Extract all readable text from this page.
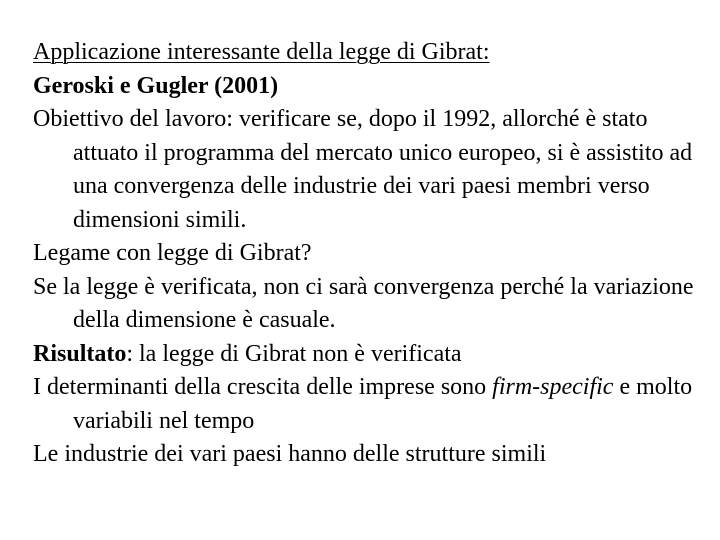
Applicazione interessante della legge di Gibrat:

Geroski e Gugler (2001)

Obiettivo del lavoro: verificare se, dopo il 1992, allorché è stato attuato il programma del mercato unico europeo, si è assistito ad una convergenza delle industrie dei vari paesi membri verso dimensioni simili.

Legame con legge di Gibrat?

Se la legge è verificata, non ci sarà convergenza perché la variazione della dimensione è casuale.

Risultato: la legge di Gibrat non è verificata

I determinanti della crescita delle imprese sono firm-specific e molto variabili nel tempo

Le industrie dei vari paesi hanno delle strutture simili
